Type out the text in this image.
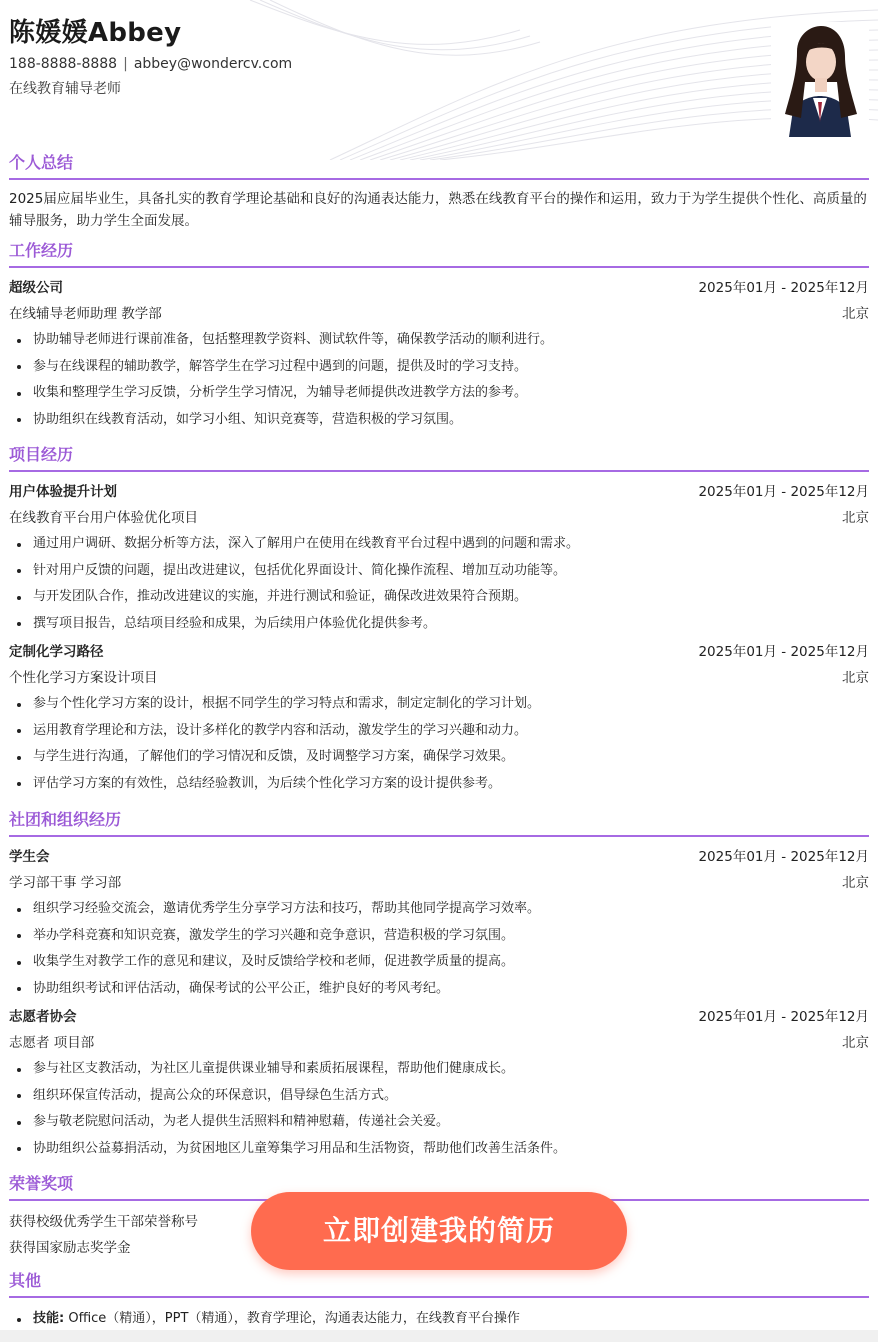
陈媛媛Abbey
188-8888-8888 | abbey@wondercv.com
在线教育辅导老师
个人总结
2025届应届毕业生，具备扎实的教育学理论基础和良好的沟通表达能力，熟悉在线教育平台的操作和运用，致力于为学生提供个性化、高质量的辅导服务，助力学生全面发展。
工作经历
超级公司	2025年01月 - 2025年12月
在线辅导老师助理 教学部	北京
协助辅导老师进行课前准备，包括整理教学资料、测试软件等，确保教学活动的顺利进行。
参与在线课程的辅助教学，解答学生在学习过程中遇到的问题，提供及时的学习支持。
收集和整理学生学习反馈，分析学生学习情况，为辅导老师提供改进教学方法的参考。
协助组织在线教育活动，如学习小组、知识竞赛等，营造积极的学习氛围。
项目经历
用户体验提升计划	2025年01月 - 2025年12月
在线教育平台用户体验优化项目	北京
通过用户调研、数据分析等方法，深入了解用户在使用在线教育平台过程中遇到的问题和需求。
针对用户反馈的问题，提出改进建议，包括优化界面设计、简化操作流程、增加互动功能等。
与开发团队合作，推动改进建议的实施，并进行测试和验证，确保改进效果符合预期。
撰写项目报告，总结项目经验和成果，为后续用户体验优化提供参考。
定制化学习路径	2025年01月 - 2025年12月
个性化学习方案设计项目	北京
参与个性化学习方案的设计，根据不同学生的学习特点和需求，制定定制化的学习计划。
运用教育学理论和方法，设计多样化的教学内容和活动，激发学生的学习兴趣和动力。
与学生进行沟通，了解他们的学习情况和反馈，及时调整学习方案，确保学习效果。
评估学习方案的有效性，总结经验教训，为后续个性化学习方案的设计提供参考。
社团和组织经历
学生会	2025年01月 - 2025年12月
学习部干事 学习部	北京
组织学习经验交流会，邀请优秀学生分享学习方法和技巧，帮助其他同学提高学习效率。
举办学科竞赛和知识竞赛，激发学生的学习兴趣和竞争意识，营造积极的学习氛围。
收集学生对教学工作的意见和建议，及时反馈给学校和老师，促进教学质量的提高。
协助组织考试和评估活动，确保考试的公平公正，维护良好的考风考纪。
志愿者协会	2025年01月 - 2025年12月
志愿者 项目部	北京
参与社区支教活动，为社区儿童提供课业辅导和素质拓展课程，帮助他们健康成长。
组织环保宣传活动，提高公众的环保意识，倡导绿色生活方式。
参与敬老院慰问活动，为老人提供生活照料和精神慰藉，传递社会关爱。
协助组织公益募捐活动，为贫困地区儿童筹集学习用品和生活物资，帮助他们改善生活条件。
荣誉奖项
获得校级优秀学生干部荣誉称号
获得国家励志奖学金
其他
技能: Office（精通），PPT（精通），教育学理论，沟通表达能力，在线教育平台操作
立即创建我的简历
